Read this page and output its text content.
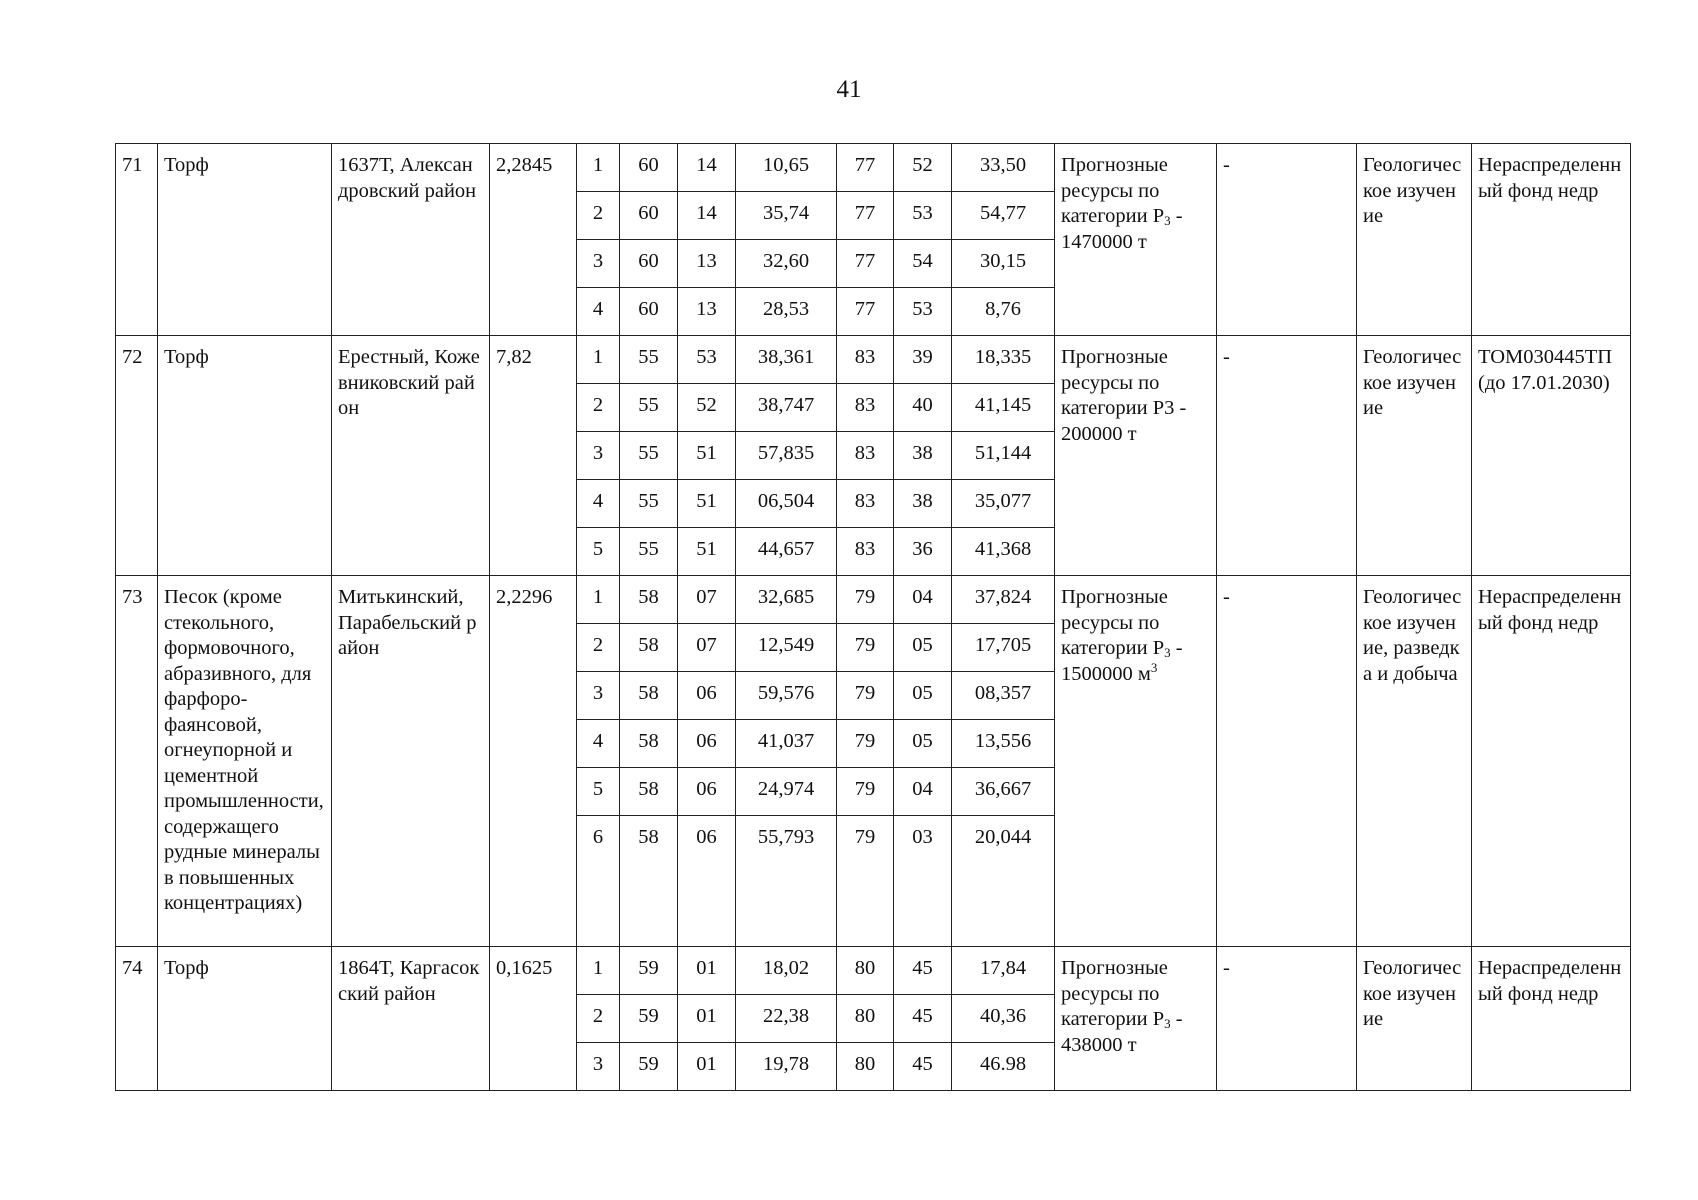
41
71	Торф	1637Т, Александровский район	2,2845	1	60	14	10,65	77	52	33,50	Прогнозные ресурсы по категории $Р_3 - 1470000$ т	-	Геологическое изучение	Нераспределенный фонд недр
				2	60	14	35,74	77	53	54,77				
				3	60	13	32,60	77	54	30,15				
				4	60	13	28,53	77	53	8,76				
72	Торф	Ерестный, Кожевниковский район	7,82	1	55	53	38,361	83	39	18,335	Прогнозные ресурсы по категории Р3 - 200000 т	-	Геологическое изучение	ТОМ030445ТП (до 17.01.2030)
				2	55	52	38,747	83	40	41,145				
				3	55	51	57,835	83	38	51,144				
				4	55	51	06,504	83	38	35,077				
				5	55	51	44,657	83	36	41,368				
73	Песок (кроме стекольного, формовочного, абразивного, для фарфоро-фаянсовой, огнеупорной и цементной промышленности, содержащего рудные минералы в повышенных концентрациях)	Митькинский, Парабельский район	2,2296	1	58	07	32,685	79	04	37,824	Прогнозные ресурсы по категории $Р_3 - 1500000$ $м^3$	-	Геологическое изучение, разведка и добыча	Нераспределенный фонд недр
				2	58	07	12,549	79	05	17,705				
				3	58	06	59,576	79	05	08,357				
				4	58	06	41,037	79	05	13,556				
				5	58	06	24,974	79	04	36,667				
				6	58	06	55,793	79	03	20,044				
74	Торф	1864Т, Каргасокский район	0,1625	1	59	01	18,02	80	45	17,84	Прогнозные ресурсы по категории $Р_3 - 438000$ т	-	Геологическое изучение	Нераспределенный фонд недр
				2	59	01	22,38	80	45	40,36				
				3	59	01	19,78	80	45	46.98				
